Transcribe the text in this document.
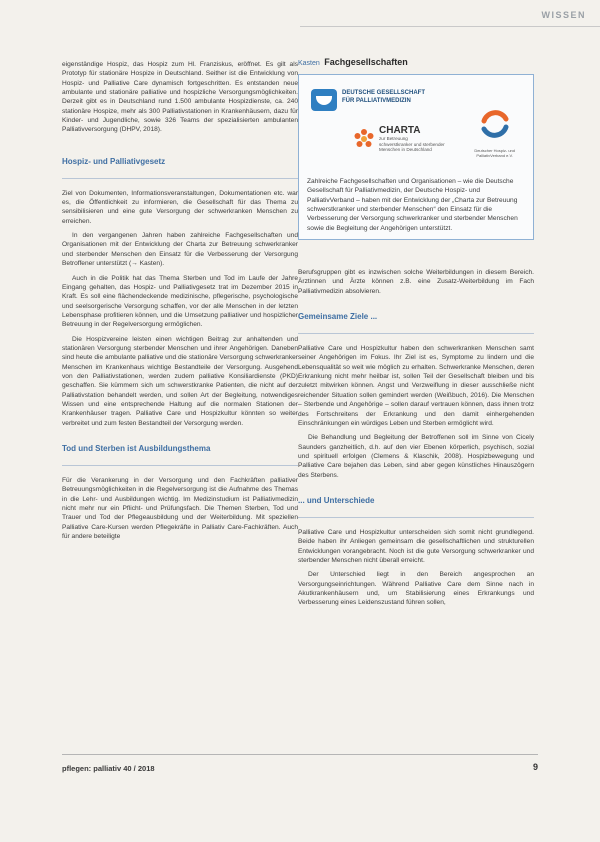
WISSEN

eigenständige Hospiz, das Hospiz zum Hl. Franziskus, eröffnet. Es gilt als Prototyp für stationäre Hospize in Deutschland. Seither ist die Entwicklung von Hospiz- und Palliative Care dynamisch fortgeschritten. Es entstanden neue ambulante und stationäre palliative und hospizliche Versorgungsmöglichkeiten. Derzeit gibt es in Deutschland rund 1.500 ambulante Hospizdienste, ca. 240 stationäre Hospize, mehr als 300 Palliativstationen in Krankenhäusern, dazu für Kinder- und Jugendliche, sowie 326 Teams der spezialisierten ambulanten Palliativversorgung (DHPV, 2018).

Hospiz- und Palliativgesetz

Ziel von Dokumenten, Informationsveranstaltungen, Dokumentationen etc. war es, die Öffentlichkeit zu informieren, die Gesellschaft für das Thema zu sensibilisieren und eine gute Versorgung der schwerkranken Menschen zu erreichen.

In den vergangenen Jahren haben zahlreiche Fachgesellschaften und Organisationen mit der Entwicklung der Charta zur Betreuung schwerkranker und sterbender Menschen den Einsatz für die Verbesserung der Versorgung Betroffener unterstützt (→ Kasten).

Auch in die Politik hat das Thema Sterben und Tod im Laufe der Jahre Eingang gehalten, das Hospiz- und Palliativgesetz trat im Dezember 2015 in Kraft. Es soll eine flächendeckende medizinische, pflegerische, psychologische und seelsorgerische Versorgung schaffen, vor der alle Menschen in der letzten Lebensphase profitieren können, und die Umsetzung palliativer und hospizlicher Betreuung in der Regelversorgung ermöglichen.

Die Hospizvereine leisten einen wichtigen Beitrag zur anhaltenden und stationären Versorgung sterbender Menschen und ihrer Angehörigen. Daneben sind heute die ambulante palliative und die stationäre Versorgung schwerkranker Menschen im Krankenhaus wichtige Bestandteile der Versorgung. Ausgehend von den Palliativstationen, werden zudem palliative Konsiliardienste (PKD) geschaffen. Sie kümmern sich um schwerstkranke Patienten, die nicht auf der Palliativstation behandelt werden, und sollen Art der Begleitung, notwendiges Wissen und eine entsprechende Haltung auf die normalen Stationen der Krankenhäuser tragen. Palliative Care und Hospizkultur könnten so weiter verbreitet und zum festen Bestandteil der Versorgung werden.

Tod und Sterben ist Ausbildungsthema

Für die Verankerung in der Versorgung und den Fachkräften palliativer Betreuungsmöglichkeiten in die Regelversorgung ist die Aufnahme des Themas in die Lehr- und Ausbildungen wichtig. Im Medizinstudium ist Palliativmedizin nicht mehr nur ein Pflicht- und Prüfungsfach. Die Themen Sterben, Tod und Trauer und Tod der Pflegeausbildung und der Weiterbildung. Mit speziellen Palliative Care-Kursen werden Pflegekräfte in Palliativ Care-Fachkräften. Auch für andere beteiligte

Kasten Fachgesellschaften
DEUTSCHE GESELLSCHAFT
FÜR PALLIATIVMEDIZIN
CHARTA
zur Betreuung
schwerstkranker und sterbender
Menschen in Deutschland	Deutscher Hospiz- und
PalliativVerband e.V.

Zahlreiche Fachgesellschaften und Organisationen – wie die Deutsche Gesellschaft für Palliativmedizin, der Deutsche Hospiz- und PalliativVerband – haben mit der Entwicklung der „Charta zur Betreuung schwerstkranker und sterbender Menschen“ den Einsatz für die Verbesserung der Versorgung schwerkranker und sterbender Menschen sowie die Begleitung der Angehörigen unterstützt.

Berufsgruppen gibt es inzwischen solche Weiterbildungen in diesem Bereich. Ärztinnen und Ärzte können z.B. eine Zusatz-Weiterbildung im Fach Palliativmedizin absolvieren.

Gemeinsame Ziele ...

Palliative Care und Hospizkultur haben den schwerkranken Menschen samt seiner Angehörigen im Fokus. Ihr Ziel ist es, Symptome zu lindern und die Lebensqualität so weit wie möglich zu erhalten. Schwerkranke Menschen, deren Erkrankung nicht mehr heilbar ist, sollen Teil der Gesellschaft bleiben und bis zuletzt mitwirken können. Angst und Verzweiflung in dieser ausschließe nicht reichender Situation sollen gemindert werden (Weißbuch, 2016). Die Menschen – Sterbende und Angehörige – sollen darauf vertrauen können, dass ihnen trotz des Fortschreitens der Erkrankung und den damit einhergehenden Einschränkungen ein würdiges Leben und Sterben ermöglicht wird.

Die Behandlung und Begleitung der Betroffenen soll im Sinne von Cicely Saunders ganzheitlich, d.h. auf den vier Ebenen körperlich, psychisch, sozial und spirituell erfolgen (Clemens & Klaschik, 2008). Hospizbewegung und Palliative Care bejahen das Leben, sind aber gegen künstliches Hinauszögern des Sterbens.

... und Unterschiede

Palliative Care und Hospizkultur unterscheiden sich somit nicht grundlegend. Beide haben ihr Anliegen gemeinsam die gesellschaftlichen und strukturellen Entwicklungen vorangebracht. Noch ist die gute Versorgung schwerkranker und sterbender Menschen nicht überall erreicht.

Der Unterschied liegt in den Bereich angesprochen an Versorgungseinrichtungen. Während Palliative Care dem Sinne nach in Akutkrankenhäusern und, um Stabilisierung eines Erkrankungs und Verbesserung eines Leidenszustand führen sollen,

pflegen: palliativ 40 / 2018	9
